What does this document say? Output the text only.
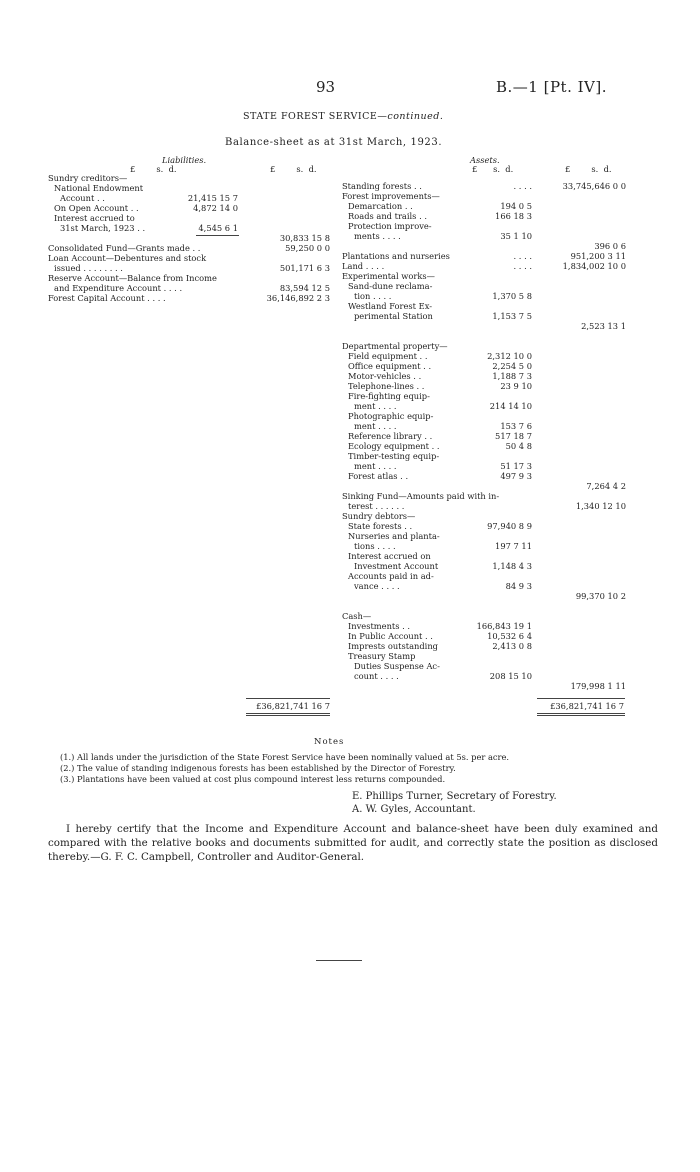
93	B.—1 [Pt. IV].
STATE FOREST SERVICE—continued.
Balance-sheet as at 31st March, 1923.
Liabilities.
£	s. d.	£	s. d.
Sundry creditors—
National Endowment
Account . .	21,415 15 7
On Open Account . .	4,872 14 0
Interest accrued to
31st March, 1923 . .	4,545 6 1
30,833 15 8
Consolidated Fund—Grants made . .	59,250 0 0
Loan Account—Debentures and stock
issued . . . . . . . .	501,171 6 3
Reserve Account—Balance from Income
and Expenditure Account . . . .	83,594 12 5
Forest Capital Account . . . .	36,146,892 2 3
£36,821,741 16 7
Assets.
£ s. d.	£	s. d.
Standing forests . .	. . . .	33,745,646 0 0
Forest improvements—
Demarcation . .	194 0 5
Roads and trails . .	166 18 3
Protection improve-
ments . . . .	35 1 10
396 0 6
Plantations and nurseries	. . . .	951,200 3 11
Land . . . .	. . . .	1,834,002 10 0
Experimental works—
Sand-dune reclama-
tion . . . .	1,370 5 8
Westland Forest Ex-
perimental Station	1,153 7 5
2,523 13 1
Departmental property—
Field equipment . .	2,312 10 0
Office equipment . .	2,254 5 0
Motor-vehicles . .	1,188 7 3
Telephone-lines . .	23 9 10
Fire-fighting equip-
ment . . . .	214 14 10
Photographic equip-
ment . . . .	153 7 6
Reference library . .	517 18 7
Ecology equipment . .	50 4 8
Timber-testing equip-
ment . . . .	51 17 3
Forest atlas . .	497 9 3
7,264 4 2
Sinking Fund—Amounts paid with in-
terest . . . . . .	1,340 12 10
Sundry debtors—
State forests . .	97,940 8 9
Nurseries and planta-
tions . . . .	197 7 11
Interest accrued on
Investment Account	1,148 4 3
Accounts paid in ad-
vance . . . .	84 9 3
99,370 10 2
Cash—
Investments . .	166,843 19 1
In Public Account . .	10,532 6 4
Imprests outstanding	2,413 0 8
Treasury Stamp
Duties Suspense Ac-
count . . . .	208 15 10
179,998 1 11
£36,821,741 16 7
Notes
(1.) All lands under the jurisdiction of the State Forest Service have been nominally valued at 5s. per acre.
(2.) The value of standing indigenous forests has been established by the Director of Forestry.
(3.) Plantations have been valued at cost plus compound interest less returns compounded.
E. Phillips Turner, Secretary of Forestry.
A. W. Gyles, Accountant.
I hereby certify that the Income and Expenditure Account and balance-sheet have been duly examined and compared with the relative books and documents submitted for audit, and correctly state the position as disclosed thereby.—G. F. C. Campbell, Controller and Auditor-General.
